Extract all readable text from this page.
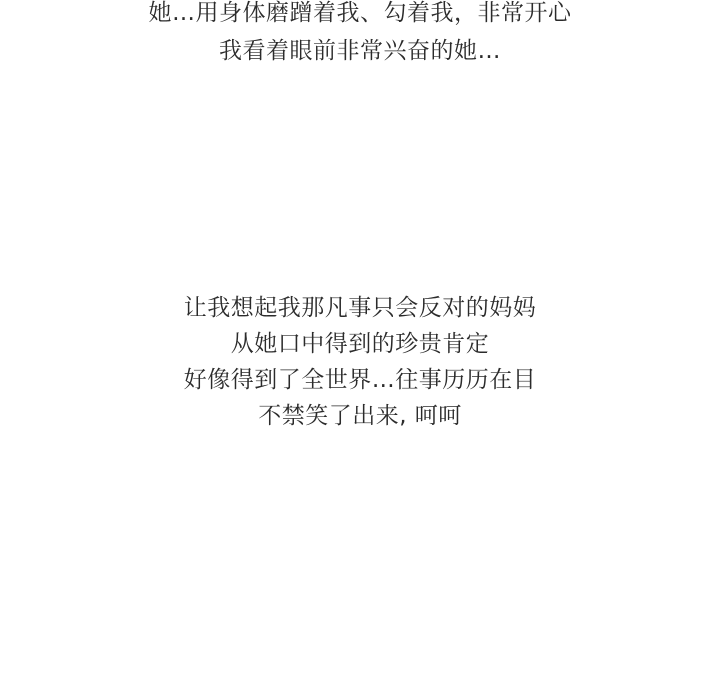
她…用身体磨蹭着我、勾着我，非常开心
我看着眼前非常兴奋的她…
让我想起我那凡事只会反对的妈妈
从她口中得到的珍贵肯定
好像得到了全世界…往事历历在目
不禁笑了出来, 呵呵
